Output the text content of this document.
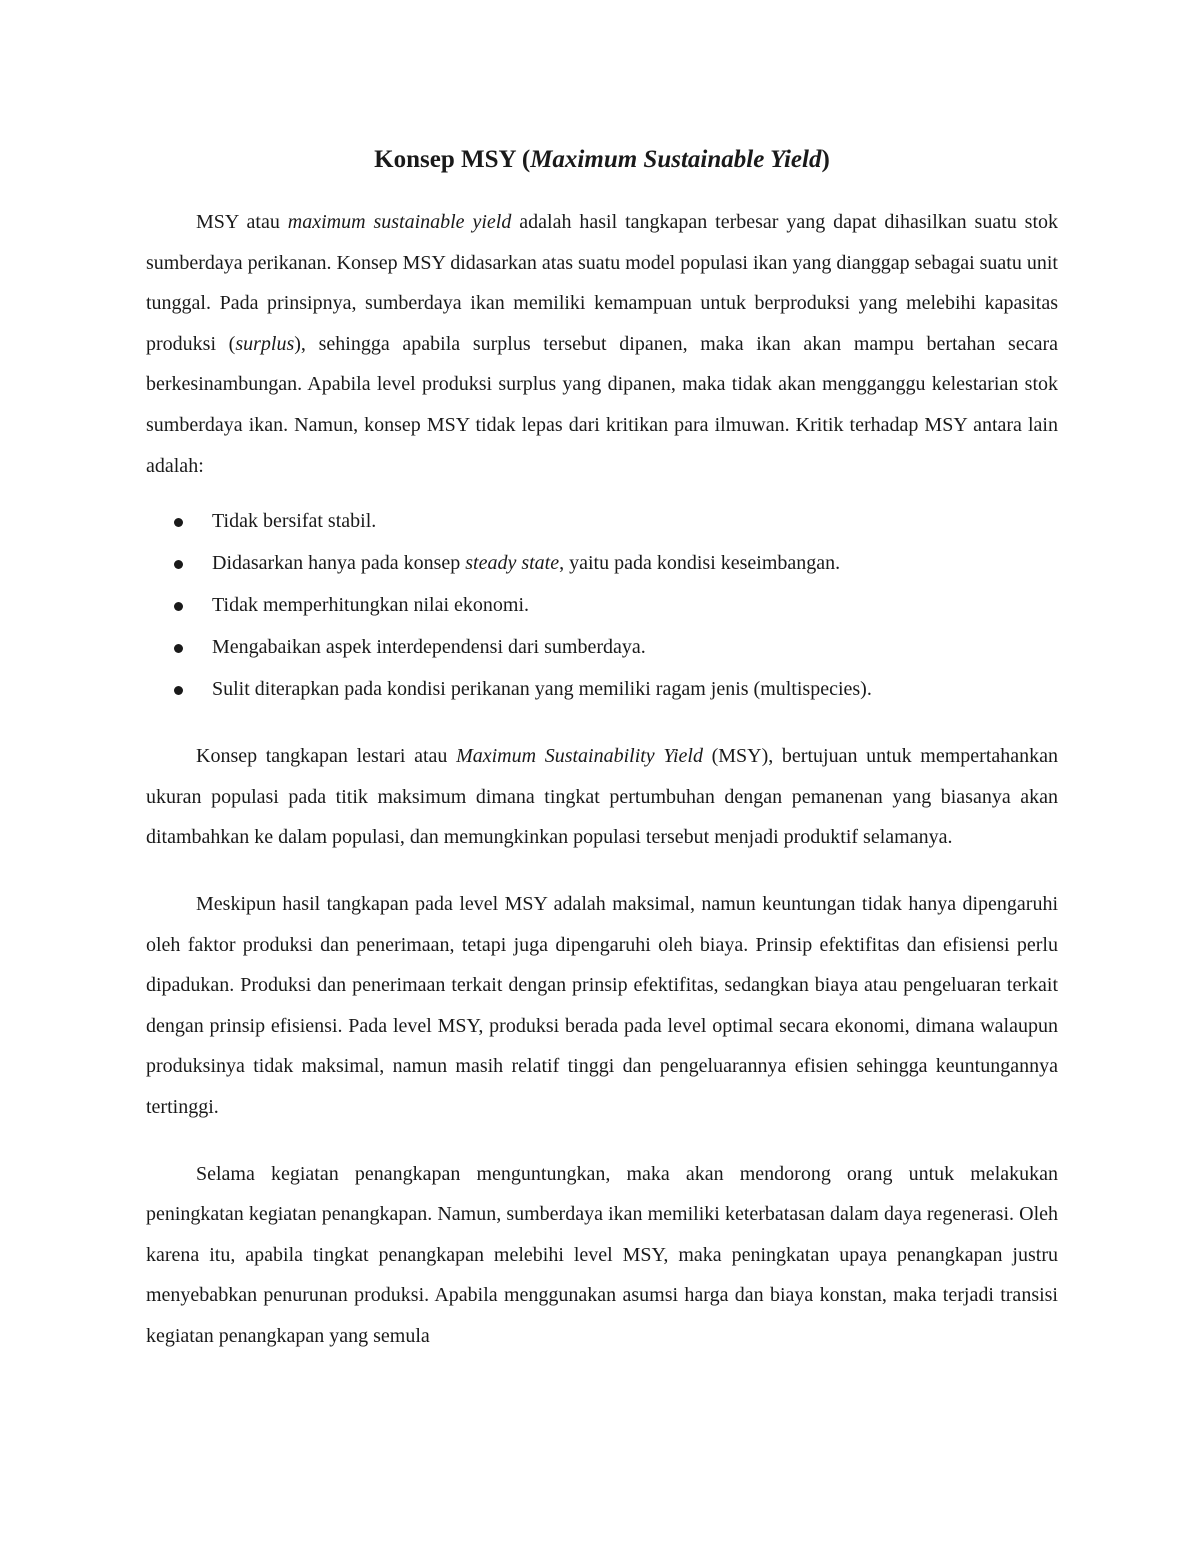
Konsep MSY (Maximum Sustainable Yield)

MSY atau maximum sustainable yield adalah hasil tangkapan terbesar yang dapat dihasilkan suatu stok sumberdaya perikanan. Konsep MSY didasarkan atas suatu model populasi ikan yang dianggap sebagai suatu unit tunggal. Pada prinsipnya, sumberdaya ikan memiliki kemampuan untuk berproduksi yang melebihi kapasitas produksi (surplus), sehingga apabila surplus tersebut dipanen, maka ikan akan mampu bertahan secara berkesinambungan. Apabila level produksi surplus yang dipanen, maka tidak akan mengganggu kelestarian stok sumberdaya ikan. Namun, konsep MSY tidak lepas dari kritikan para ilmuwan. Kritik terhadap MSY antara lain adalah:

Tidak bersifat stabil.
Didasarkan hanya pada konsep steady state, yaitu pada kondisi keseimbangan.
Tidak memperhitungkan nilai ekonomi.
Mengabaikan aspek interdependensi dari sumberdaya.
Sulit diterapkan pada kondisi perikanan yang memiliki ragam jenis (multispecies).

Konsep tangkapan lestari atau Maximum Sustainability Yield (MSY), bertujuan untuk mempertahankan ukuran populasi pada titik maksimum dimana tingkat pertumbuhan dengan pemanenan yang biasanya akan ditambahkan ke dalam populasi, dan memungkinkan populasi tersebut menjadi produktif selamanya.

Meskipun hasil tangkapan pada level MSY adalah maksimal, namun keuntungan tidak hanya dipengaruhi oleh faktor produksi dan penerimaan, tetapi juga dipengaruhi oleh biaya. Prinsip efektifitas dan efisiensi perlu dipadukan. Produksi dan penerimaan terkait dengan prinsip efektifitas, sedangkan biaya atau pengeluaran terkait dengan prinsip efisiensi. Pada level MSY, produksi berada pada level optimal secara ekonomi, dimana walaupun produksinya tidak maksimal, namun masih relatif tinggi dan pengeluarannya efisien sehingga keuntungannya tertinggi.

Selama kegiatan penangkapan menguntungkan, maka akan mendorong orang untuk melakukan peningkatan kegiatan penangkapan. Namun, sumberdaya ikan memiliki keterbatasan dalam daya regenerasi. Oleh karena itu, apabila tingkat penangkapan melebihi level MSY, maka peningkatan upaya penangkapan justru menyebabkan penurunan produksi. Apabila menggunakan asumsi harga dan biaya konstan, maka terjadi transisi kegiatan penangkapan yang semula
